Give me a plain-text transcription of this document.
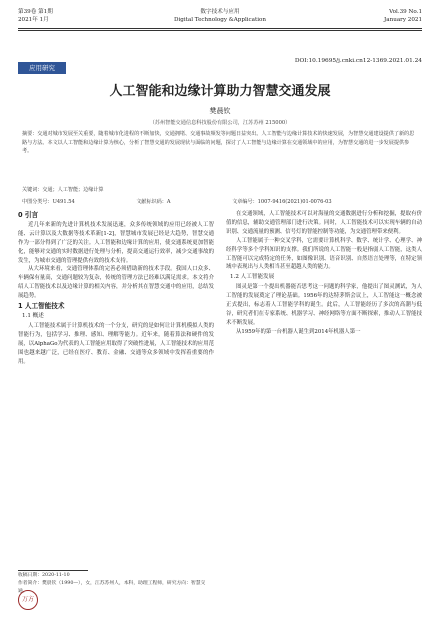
第39卷 第1期
2021年 1月
数字技术与应用
Digital Technology &Application
Vol.39 No.1
January 2021
DOI:10.19695/j.cnki.cn12-1369.2021.01.24
应用研究
人工智能和边缘计算助力智慧交通发展
樊晨钦
（苏州智能交通信息科技股份有限公司，江苏苏州 215000）
摘要：交通对城市发展至关重要，随着城市化进程的不断加快，交通拥堵、交通事故频发等问题日益突出。人工智能与边缘计算技术的快速发展，为智慧交通建设提供了新的思路与方法。本文以人工智能和边缘计算为核心，分析了智慧交通的发展现状与面临的问题，探讨了人工智能与边缘计算在交通领域中的应用，为智慧交通的进一步发展提供参考。
关键词：交通；人工智能；边缘计算
中图分类号：U491.54	文献标识码：A	文章编号：1007-9416(2021)01-0076-03
0 引言

近几年来新的先进计算机技术发展迅速，众多传统领域的应用已经被人工智能、云计算以及大数据等技术革新[1-2]，智慧城市发展已经是大趋势，智慧交通作为一部分得到了广泛的关注。人工智能和边缘计算的应用，使交通系统更加智能化，能够对交通的实时数据进行处理与分析，提高交通运行效率，减少交通事故的发生，为城市交通的管理提供有效的技术支持。

从大环境来看，交通管理体系的完善必须借助新的技术手段。我国人口众多、车辆保有量高，交通问题较为复杂，传统的管理方法已经难以满足需求。本文将介绍人工智能技术以及边缘计算的相关内容，并分析其在智慧交通中的应用，总结发展趋势。

1 人工智能技术
1.1 概述

人工智能技术属于计算机技术的一个分支，研究的是如何让计算机模拟人类的智能行为，包括学习、推理、感知、理解等能力。近年来，随着算法和硬件的发展，以AlphaGo为代表的人工智能应用取得了突破性进展，人工智能技术的应用范围也越来越广泛，已经在医疗、教育、金融、交通等众多领域中发挥着重要的作用。

在交通领域，人工智能技术可以对海量的交通数据进行分析和挖掘，提取有价值的信息，辅助交通管理部门进行决策。同时，人工智能技术可以实现车辆的自动识别、交通流量的预测、信号灯的智能控制等功能，为交通管理带来便利。

人工智能属于一种交叉学科，它需要计算机科学、数学、统计学、心理学、神经科学等多个学科知识的支撑。我们所说的人工智能一般是指弱人工智能，这类人工智能可以完成特定的任务，如图像识别、语音识别、自然语言处理等，在特定领域中表现出与人类相当甚至超越人类的能力。

1.2 人工智能发展

图灵是第一个提出机器能否思考这一问题的科学家，他提出了图灵测试，为人工智能的发展奠定了理论基础。1956年的达特茅斯会议上，人工智能这一概念被正式提出，标志着人工智能学科的诞生。此后，人工智能经历了多次的高潮与低谷，研究者们在专家系统、机器学习、神经网络等方面不断探索，推动人工智能技术不断发展。

从1959年的第一台机器人诞生到2014年机器人第一

收稿日期：2020-11-10
作者简介：樊晨钦（1990—），女，江苏苏州人，本科，助理工程师，研究方向：智慧交通。
万方
